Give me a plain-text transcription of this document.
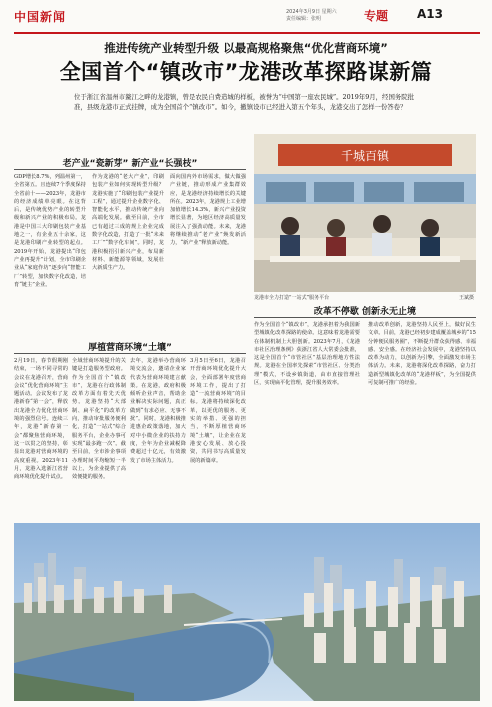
中国新闻	2024年3月9日 星期六
责任编辑：张明	专题 A13
推进传统产业转型升级 以最高规格聚焦“优化营商环境”
全国首个“镇改市”龙港改革探路谋新篇
位于浙江省温州市鳌江之畔的龙港镇，曾是农民自费造城的样板，被誉为“中国第一座农民城”。2019年9月，经国务院批准，县级龙港市正式挂牌，成为全国首个“镇改市”。如今，撤镇设市已经进入第五个年头，龙港交出了怎样一份答卷？
老产业“瓷新芽” 新产业“长强枝”
GDP增长8.7%，列温州第一，全省第五。且连续7个季度保持全省前十——2023年，龙港市的经济成绩单亮眼。在这背后，是传统优势产业的转型升级和新兴产业的积极布局。龙港是中国三大印刷包装产业基地之一，有企业五十余家，这是龙港印刷产业转型的起点。2019年开始，龙港提出“印包产业再提升”计划，全市印刷企业从“家庭作坊”逐步向“智能工厂”转型，加快数字化改造，培育“链主”企业。
作为龙港的“老大产业”，印刷包装产业如何实现转型升级？龙港实施了“印刷包装产业提升工程”，通过提升企业数字化、智能化水平，推动传统产业向高端化发展。截至目前，全市已有超过三成的规上企业完成数字化改造，打造了一批“未来工厂”“数字化车间”。同时，龙港积极招引新兴产业，布局新材料、新能源等领域，发展壮大新质生产力。
面向国内外市场需求，做大做强产业链，推动形成产业集群效应，是龙港经济持续增长的关键所在。2023年，龙港规上工业增加值增长14.3%，新兴产业投资增长显著，为地区经济高质量发展注入了强劲动能。未来，龙港将继续推动“老产业”焕发新活力，“新产业”释放新动能。
千城百镇
龙港市全力打造“一站式”服务平台	王斌摄
改革不停歇 创新永无止境
作为全国首个“镇改市”，龙港承担着为我国新型城镇化改革探路的使命。这意味着龙港需要在体制机制上大胆创新。2023年7月，《龙港市社区治理条例》获浙江省人大常委会批准，这是全国首个“市管社区”基层治理地方性法规。龙港在全国率先探索“市管社区、分类治理”模式，不设乡镇街道，由市直接管理社区，实现扁平化管理，提升服务效率。
推动改革创新，龙港坚持人民至上，做好民生文章。目前，龙港已经初步建成覆盖城乡的“15分钟便民服务圈”，不断提升群众获得感、幸福感、安全感。在经济社会发展中，龙港坚持以改革为动力，以创新为引擎，全面激发市场主体活力。未来，龙港将深化改革探路，奋力打造新型城镇化改革的“龙港样板”，为全国提供可复制可推广的经验。
厚植营商环境“土壤”
2月19日，春节假期刚结束，一场不同寻常的会议在龙港召开，营商会议“优化营商环境”主题活动。会议发布了龙港新春“第一会”，释放出龙港全力优化营商环境的强烈信号。连续三年，龙港“新春第一会”都聚焦营商环境，这一以贯之的坚持，彰显出龙港对营商环境的高度重视。2023年11月，龙港入选浙江省营商环境优化提升试点。
全域营商环境提升的关键是打造服务型政府。作为全国首个“镇改市”，龙港在行政体制改革方面有着先天优势。龙港坚持“大部制、扁平化”的改革方向，推动审批服务便利化，打造“一站式”综合服务平台，企业办事可实现“最多跑一次”。截至目前，全市涉企事项办理时间平均缩短一半以上，为企业提供了高效便捷的服务。
去年，龙港举办营商环境交流会，邀请企业家代表为营商环境建言献策。在龙港，政府积极倾听企业声音，帮助企业解决实际问题，真正做到“有求必应、无事不扰”。同时，龙港积极推进惠企政策落地，加大对中小微企业的扶持力度，全年为企业减税降费超过十亿元，有效激发了市场主体活力。
3月5日至6日，龙港召开营商环境优化提升大会，全面部署年度营商环境工作，提出了打造“一流营商环境”的目标。龙港将持续深化改革，以更优的服务、更实的举措、更强的担当，不断厚植营商环境“土壤”，让企业在龙港安心发展、放心投资，共同书写高质量发展的新篇章。
